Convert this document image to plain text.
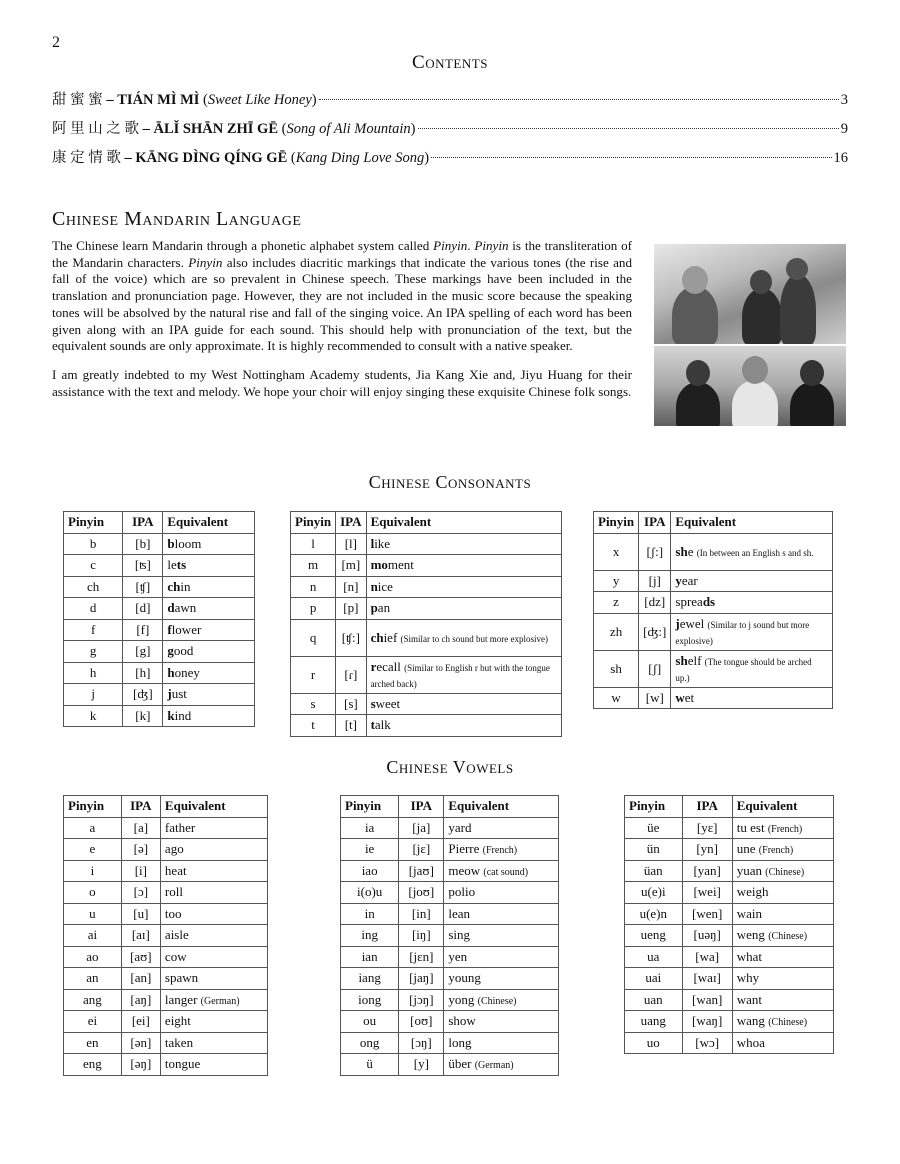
2
Contents
甜 蜜 蜜 – TIÁN MÌ MÌ (Sweet Like Honey)	3
阿 里 山 之 歌 – ĀLǏ SHĀN ZHĪ GĒ (Song of Ali Mountain)	9
康 定 情 歌 – KĀNG DÌNG QÍNG GĒ (Kang Ding Love Song)	16
Chinese Mandarin Language

The Chinese learn Mandarin through a phonetic alphabet system called Pinyin. Pinyin is the transliteration of the Mandarin characters. Pinyin also includes diacritic markings that indicate the various tones (the rise and fall of the voice) which are so prevalent in Chinese speech. These markings have been included in the translation and pronunciation page. However, they are not included in the music score because the speaking tones will be absolved by the natural rise and fall of the singing voice. An IPA spelling of each word has been given along with an IPA guide for each sound. This should help with pronunciation of the text, but the equivalent sounds are only approximate. It is highly recommended to consult with a native speaker.

I am greatly indebted to my West Nottingham Academy students, Jia Kang Xie and, Jiyu Huang for their assistance with the text and melody. We hope your choir will enjoy singing these exquisite Chinese folk songs.

Chinese Consonants
Pinyin	IPA	Equivalent
b	[b]	bloom
c	[ʦ]	lets
ch	[ʧ]	chin
d	[d]	dawn
f	[f]	flower
g	[g]	good
h	[h]	honey
j	[ʤ]	just
k	[k]	kind
Pinyin	IPA	Equivalent
l	[l]	like
m	[m]	moment
n	[n]	nice
p	[p]	pan
q	[ʧ:]	chief (Similar to ch sound but more explosive)
r	[ɾ]	recall (Similar to English r but with the tongue arched back)
s	[s]	sweet
t	[t]	talk
Pinyin	IPA	Equivalent
x	[ʃ:]	she (In between an English s and sh.
y	[j]	year
z	[dz]	spreads
zh	[ʤ:]	jewel (Similar to j sound but more explosive)
sh	[ʃ]	shelf (The tongue should be arched up.)
w	[w]	wet
Chinese Vowels
Pinyin	IPA	Equivalent
a	[a]	father
e	[ə]	ago
i	[i]	heat
o	[ɔ]	roll
u	[u]	too
ai	[aɪ]	aisle
ao	[aʊ]	cow
an	[an]	spawn
ang	[aŋ]	langer (German)
ei	[ei]	eight
en	[ən]	taken
eng	[əŋ]	tongue
Pinyin	IPA	Equivalent
ia	[ja]	yard
ie	[jɛ]	Pierre (French)
iao	[jaʊ]	meow (cat sound)
i(o)u	[joʊ]	polio
in	[in]	lean
ing	[iŋ]	sing
ian	[jɛn]	yen
iang	[jaŋ]	young
iong	[jɔŋ]	yong (Chinese)
ou	[oʊ]	show
ong	[ɔŋ]	long
ü	[y]	über (German)
Pinyin	IPA	Equivalent
üe	[yɛ]	tu est (French)
ün	[yn]	une (French)
üan	[yan]	yuan (Chinese)
u(e)i	[wei]	weigh
u(e)n	[wen]	wain
ueng	[uəŋ]	weng (Chinese)
ua	[wa]	what
uai	[waɪ]	why
uan	[wan]	want
uang	[waŋ]	wang (Chinese)
uo	[wɔ]	whoa
